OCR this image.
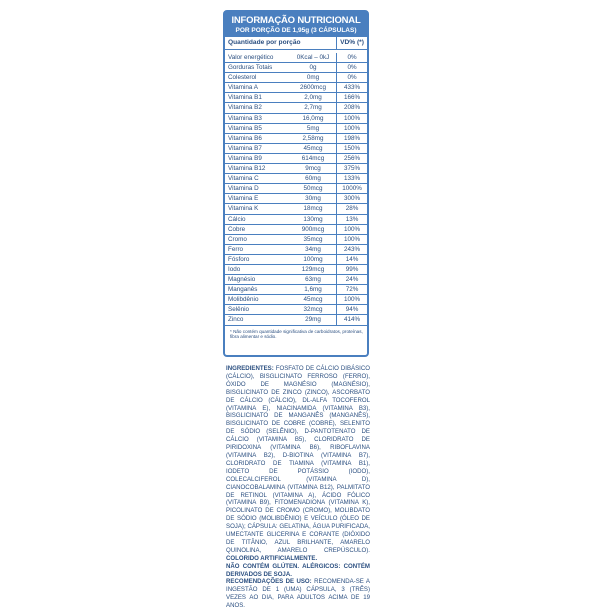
INFORMAÇÃO NUTRICIONAL
POR PORÇÃO DE 1,95g (3 CÁPSULAS)
Quantidade por porção	VD% (*)
Valor energético	0Kcal – 0kJ	0%
Gorduras Totais	0g	0%
Colesterol	0mg	0%
Vitamina A	2600mcg	433%
Vitamina B1	2,0mg	166%
Vitamina B2	2,7mg	208%
Vitamina B3	16,0mg	100%
Vitamina B5	5mg	100%
Vitamina B6	2,58mg	198%
Vitamina B7	45mcg	150%
Vitamina B9	614mcg	256%
Vitamina B12	9mcg	375%
Vitamina C	60mg	133%
Vitamina D	50mcg	1000%
Vitamina E	30mg	300%
Vitamina K	18mcg	28%
Cálcio	130mg	13%
Cobre	900mcg	100%
Cromo	35mcg	100%
Ferro	34mg	243%
Fósforo	100mg	14%
Iodo	129mcg	99%
Magnésio	63mg	24%
Manganês	1,6mg	72%
Molibdênio	45mcg	100%
Selênio	32mcg	94%
Zinco	29mg	414%
* Não contém quantidade significativa de carboidratos, proteínas, fibra alimentar e sódio.

INGREDIENTES: FOSFATO DE CÁLCIO DIBÁSICO (CÁLCIO), BISGLICINATO FERROSO (FERRO), ÓXIDO DE MAGNÉSIO (MAGNÉSIO), BISGLICINATO DE ZINCO (ZINCO), ASCORBATO DE CÁLCIO (CÁLCIO), DL-ALFA TOCOFEROL (VITAMINA E), NIACINAMIDA (VITAMINA B3), BISGLICINATO DE MANGANÊS (MANGANÊS), BISGLICINATO DE COBRE (COBRE), SELENITO DE SÓDIO (SELÊNIO), D-PANTOTENATO DE CÁLCIO (VITAMINA B5), CLORIDRATO DE PIRIDOXINA (VITAMINA B6), RIBOFLAVINA (VITAMINA B2), D-BIOTINA (VITAMINA B7), CLORIDRATO DE TIAMINA (VITAMINA B1), IODETO DE POTÁSSIO (IODO), COLECALCIFEROL (VITAMINA D), CIANOCOBALAMINA (VITAMINA B12), PALMITATO DE RETINOL (VITAMINA A), ÁCIDO FÓLICO (VITAMINA B9), FITOMENADIONA (VITAMINA K), PICOLINATO DE CROMO (CROMO), MOLIBDATO DE SÓDIO (MOLIBDÊNIO) E VEÍCULO (ÓLEO DE SOJA); CÁPSULA: GELATINA, ÁGUA PURIFICADA, UMECTANTE GLICERINA E CORANTE (DIÓXIDO DE TITÂNIO, AZUL BRILHANTE, AMARELO QUINOLINA, AMARELO CREPÚSCULO). COLORIDO ARTIFICIALMENTE.

NÃO CONTÉM GLÚTEN. ALÉRGICOS: CONTÉM DERIVADOS DE SOJA.

RECOMENDAÇÕES DE USO: RECOMENDA-SE A INGESTÃO DE 1 (UMA) CÁPSULA, 3 (TRÊS) VEZES AO DIA, PARA ADULTOS ACIMA DE 19 ANOS.
